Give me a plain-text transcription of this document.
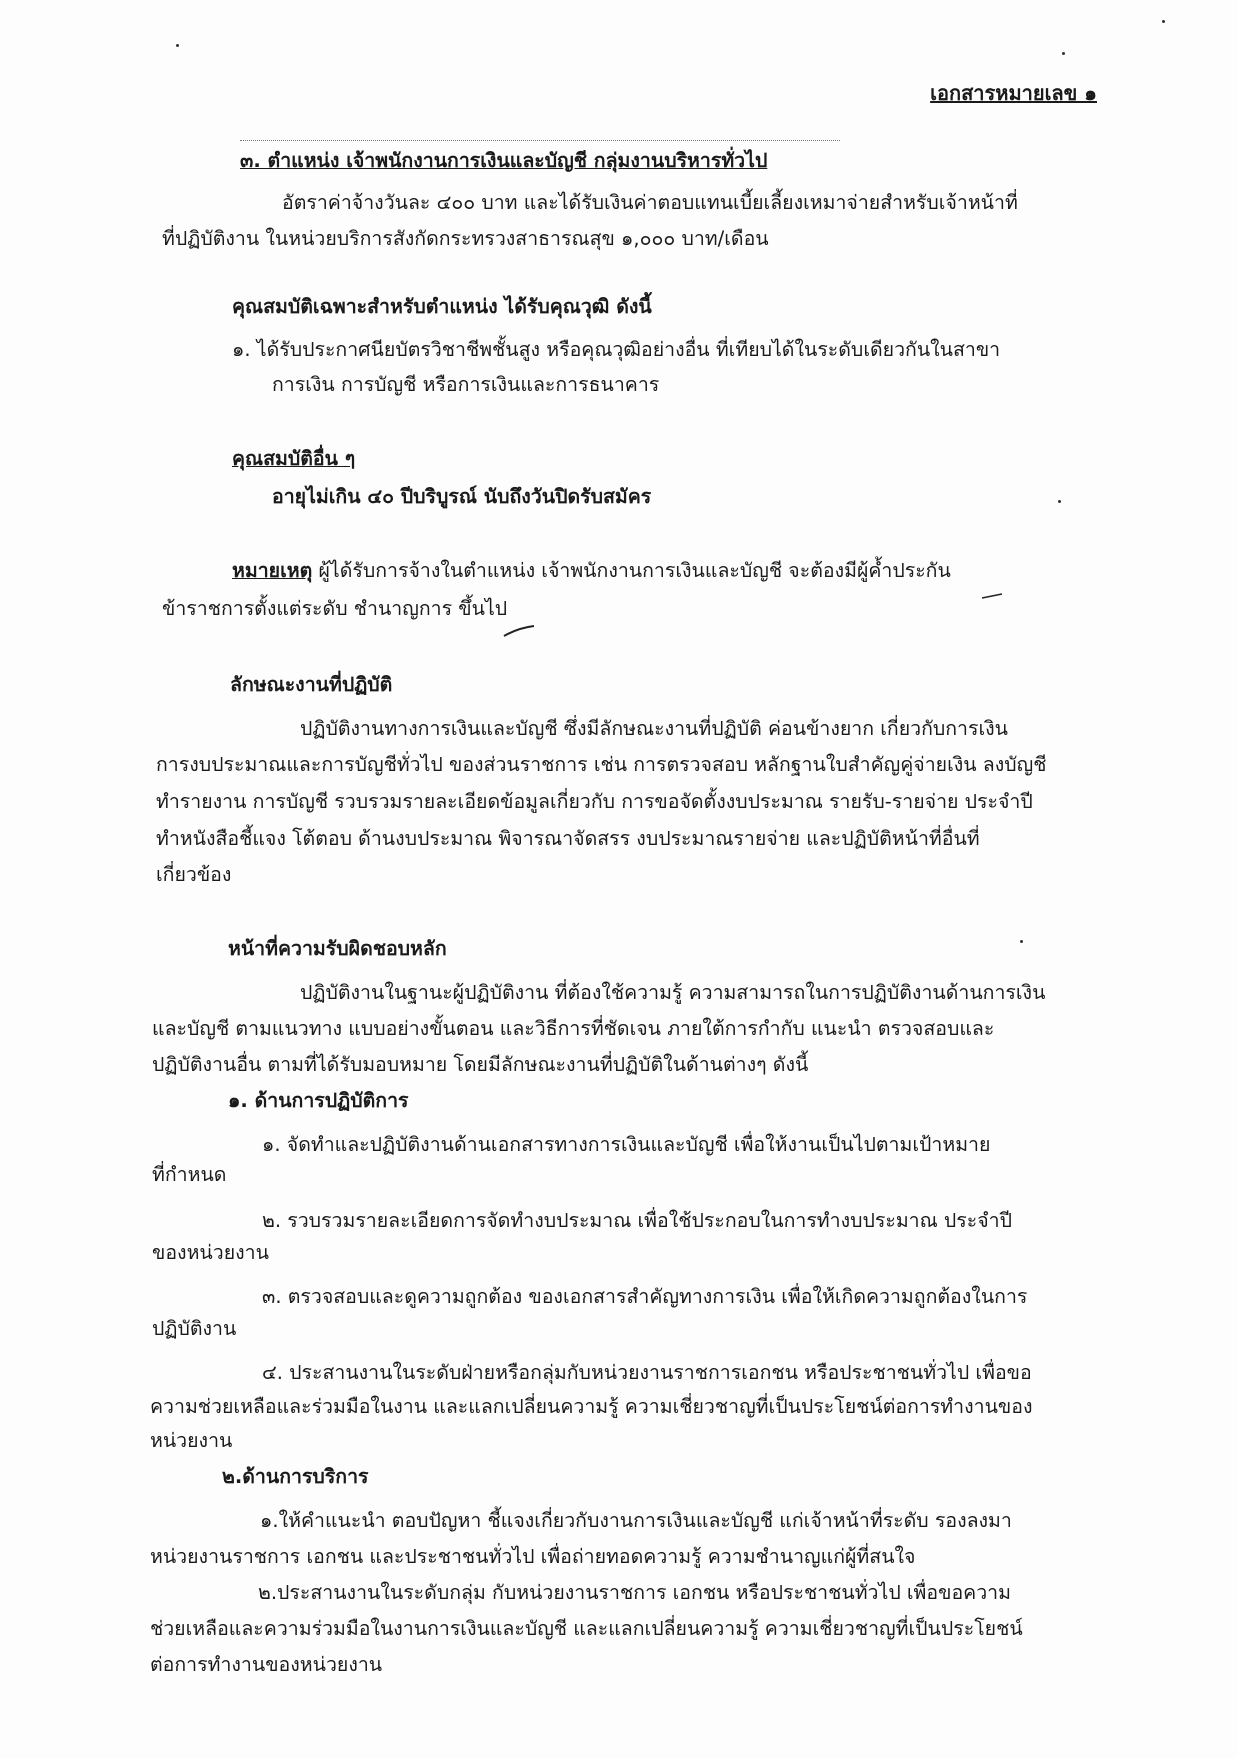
เอกสารหมายเลข ๑
๓. ตำแหน่ง เจ้าพนักงานการเงินและบัญชี กลุ่มงานบริหารทั่วไป
อัตราค่าจ้างวันละ ๔๐๐ บาท และได้รับเงินค่าตอบแทนเบี้ยเลี้ยงเหมาจ่ายสำหรับเจ้าหน้าที่
ที่ปฏิบัติงาน ในหน่วยบริการสังกัดกระทรวงสาธารณสุข ๑,๐๐๐ บาท/เดือน
คุณสมบัติเฉพาะสำหรับตำแหน่ง ได้รับคุณวุฒิ ดังนี้
๑. ได้รับประกาศนียบัตรวิชาชีพชั้นสูง หรือคุณวุฒิอย่างอื่น ที่เทียบได้ในระดับเดียวกันในสาขา
การเงิน การบัญชี หรือการเงินและการธนาคาร
คุณสมบัติอื่น ๆ
อายุไม่เกิน ๔๐ ปีบริบูรณ์ นับถึงวันปิดรับสมัคร
หมายเหตุ ผู้ได้รับการจ้างในตำแหน่ง เจ้าพนักงานการเงินและบัญชี จะต้องมีผู้ค้ำประกัน
ข้าราชการตั้งแต่ระดับ ชำนาญการ ขึ้นไป
ลักษณะงานที่ปฏิบัติ
ปฏิบัติงานทางการเงินและบัญชี ซึ่งมีลักษณะงานที่ปฏิบัติ ค่อนข้างยาก เกี่ยวกับการเงิน
การงบประมาณและการบัญชีทั่วไป ของส่วนราชการ เช่น การตรวจสอบ หลักฐานใบสำคัญคู่จ่ายเงิน ลงบัญชี
ทำรายงาน การบัญชี รวบรวมรายละเอียดข้อมูลเกี่ยวกับ การขอจัดตั้งงบประมาณ รายรับ-รายจ่าย ประจำปี
ทำหนังสือชี้แจง โต้ตอบ ด้านงบประมาณ พิจารณาจัดสรร งบประมาณรายจ่าย และปฏิบัติหน้าที่อื่นที่
เกี่ยวข้อง
หน้าที่ความรับผิดชอบหลัก
ปฏิบัติงานในฐานะผู้ปฏิบัติงาน ที่ต้องใช้ความรู้ ความสามารถในการปฏิบัติงานด้านการเงิน
และบัญชี ตามแนวทาง แบบอย่างขั้นตอน และวิธีการที่ชัดเจน ภายใต้การกำกับ แนะนำ ตรวจสอบและ
ปฏิบัติงานอื่น ตามที่ได้รับมอบหมาย โดยมีลักษณะงานที่ปฏิบัติในด้านต่างๆ ดังนี้
๑. ด้านการปฏิบัติการ
๑. จัดทำและปฏิบัติงานด้านเอกสารทางการเงินและบัญชี เพื่อให้งานเป็นไปตามเป้าหมาย
ที่กำหนด
๒. รวบรวมรายละเอียดการจัดทำงบประมาณ เพื่อใช้ประกอบในการทำงบประมาณ ประจำปี
ของหน่วยงาน
๓. ตรวจสอบและดูความถูกต้อง ของเอกสารสำคัญทางการเงิน เพื่อให้เกิดความถูกต้องในการ
ปฏิบัติงาน
๔. ประสานงานในระดับฝ่ายหรือกลุ่มกับหน่วยงานราชการเอกชน หรือประชาชนทั่วไป เพื่อขอ
ความช่วยเหลือและร่วมมือในงาน และแลกเปลี่ยนความรู้ ความเชี่ยวชาญที่เป็นประโยชน์ต่อการทำงานของ
หน่วยงาน
๒.ด้านการบริการ
๑.ให้คำแนะนำ ตอบปัญหา ชี้แจงเกี่ยวกับงานการเงินและบัญชี แก่เจ้าหน้าที่ระดับ รองลงมา
หน่วยงานราชการ เอกชน และประชาชนทั่วไป เพื่อถ่ายทอดความรู้ ความชำนาญแก่ผู้ที่สนใจ
๒.ประสานงานในระดับกลุ่ม กับหน่วยงานราชการ เอกชน หรือประชาชนทั่วไป เพื่อขอความ
ช่วยเหลือและความร่วมมือในงานการเงินและบัญชี และแลกเปลี่ยนความรู้ ความเชี่ยวชาญที่เป็นประโยชน์
ต่อการทำงานของหน่วยงาน
